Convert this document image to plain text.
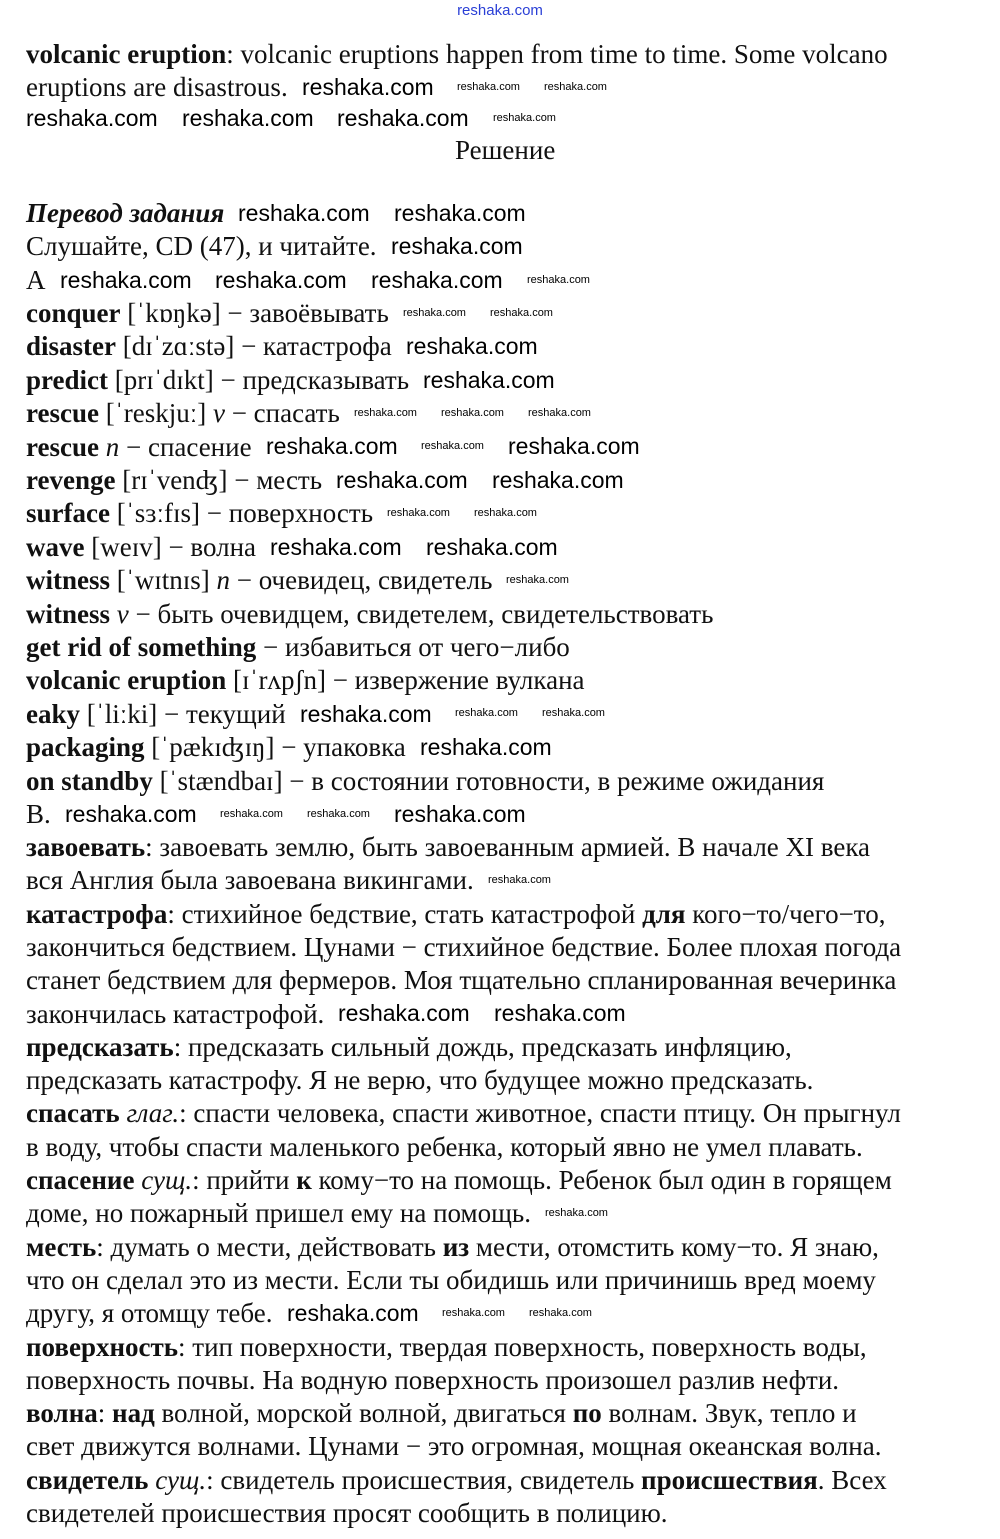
volcanic eruption: volcanic eruptions happen from time to time. Some volcano
eruptions are disastrous.
Решение
Перевод задания
Слушайте, CD (47), и читайте.
A
conquer [ˈkɒŋkə] − завоёвывать
disaster [dɪˈzɑːstə] − катастрофа
predict [prɪˈdɪkt] − предсказывать
rescue [ˈreskjuː] v − спасать
rescue n − спасение
revenge [rɪˈvenʤ] − месть
surface [ˈsɜːfɪs] − поверхность
wave [weɪv] − волна
witness [ˈwɪtnɪs] n − очевидец, свидетель
witness v − быть очевидцем, свидетелем, свидетельствовать
get rid of something − избавиться от чего−либо
volcanic eruption [ɪˈrʌpʃn] − извержение вулкана
eaky [ˈliːki] − текущий
packaging [ˈpækɪʤɪŋ] − упаковка
on standby [ˈstændbaɪ] − в состоянии готовности, в режиме ожидания
B.
завоевать: завоевать землю, быть завоеванным армией. В начале XI века
вся Англия была завоевана викингами.
катастрофа: стихийное бедствие, стать катастрофой для кого−то/чего−то,
закончиться бедствием. Цунами − стихийное бедствие. Более плохая погода
станет бедствием для фермеров. Моя тщательно спланированная вечеринка
закончилась катастрофой.
предсказать: предсказать сильный дождь, предсказать инфляцию,
предсказать катастрофу. Я не верю, что будущее можно предсказать.
спасать глаг.: спасти человека, спасти животное, спасти птицу. Он прыгнул
в воду, чтобы спасти маленького ребенка, который явно не умел плавать.
спасение сущ.: прийти к кому−то на помощь. Ребенок был один в горящем
доме, но пожарный пришел ему на помощь.
месть: думать о мести, действовать из мести, отомстить кому−то. Я знаю,
что он сделал это из мести. Если ты обидишь или причинишь вред моему
другу, я отомщу тебе.
поверхность: тип поверхности, твердая поверхность, поверхность воды,
поверхность почвы. На водную поверхность произошел разлив нефти.
волна: над волной, морской волной, двигаться по волнам. Звук, тепло и
свет движутся волнами. Цунами − это огромная, мощная океанская волна.
свидетель сущ.: свидетель происшествия, свидетель происшествия. Всех
свидетелей происшествия просят сообщить в полицию.
reshaka.com
reshaka.com
reshaka.com
reshaka.com
reshaka.com
reshaka.com
reshaka.com
reshaka.com
reshaka.com
reshaka.com
reshaka.com
reshaka.com
reshaka.com
reshaka.com
reshaka.com
reshaka.com
reshaka.com
reshaka.com
reshaka.com
reshaka.com
reshaka.com
reshaka.com
reshaka.com
reshaka.com
reshaka.com
reshaka.com
reshaka.com
reshaka.com
reshaka.com
reshaka.com
reshaka.com
reshaka.com
reshaka.com
reshaka.com
reshaka.com
reshaka.com
reshaka.com
reshaka.com
reshaka.com
reshaka.com
reshaka.com
reshaka.com
reshaka.com
reshaka.com
reshaka.com
reshaka.com
reshaka.com
